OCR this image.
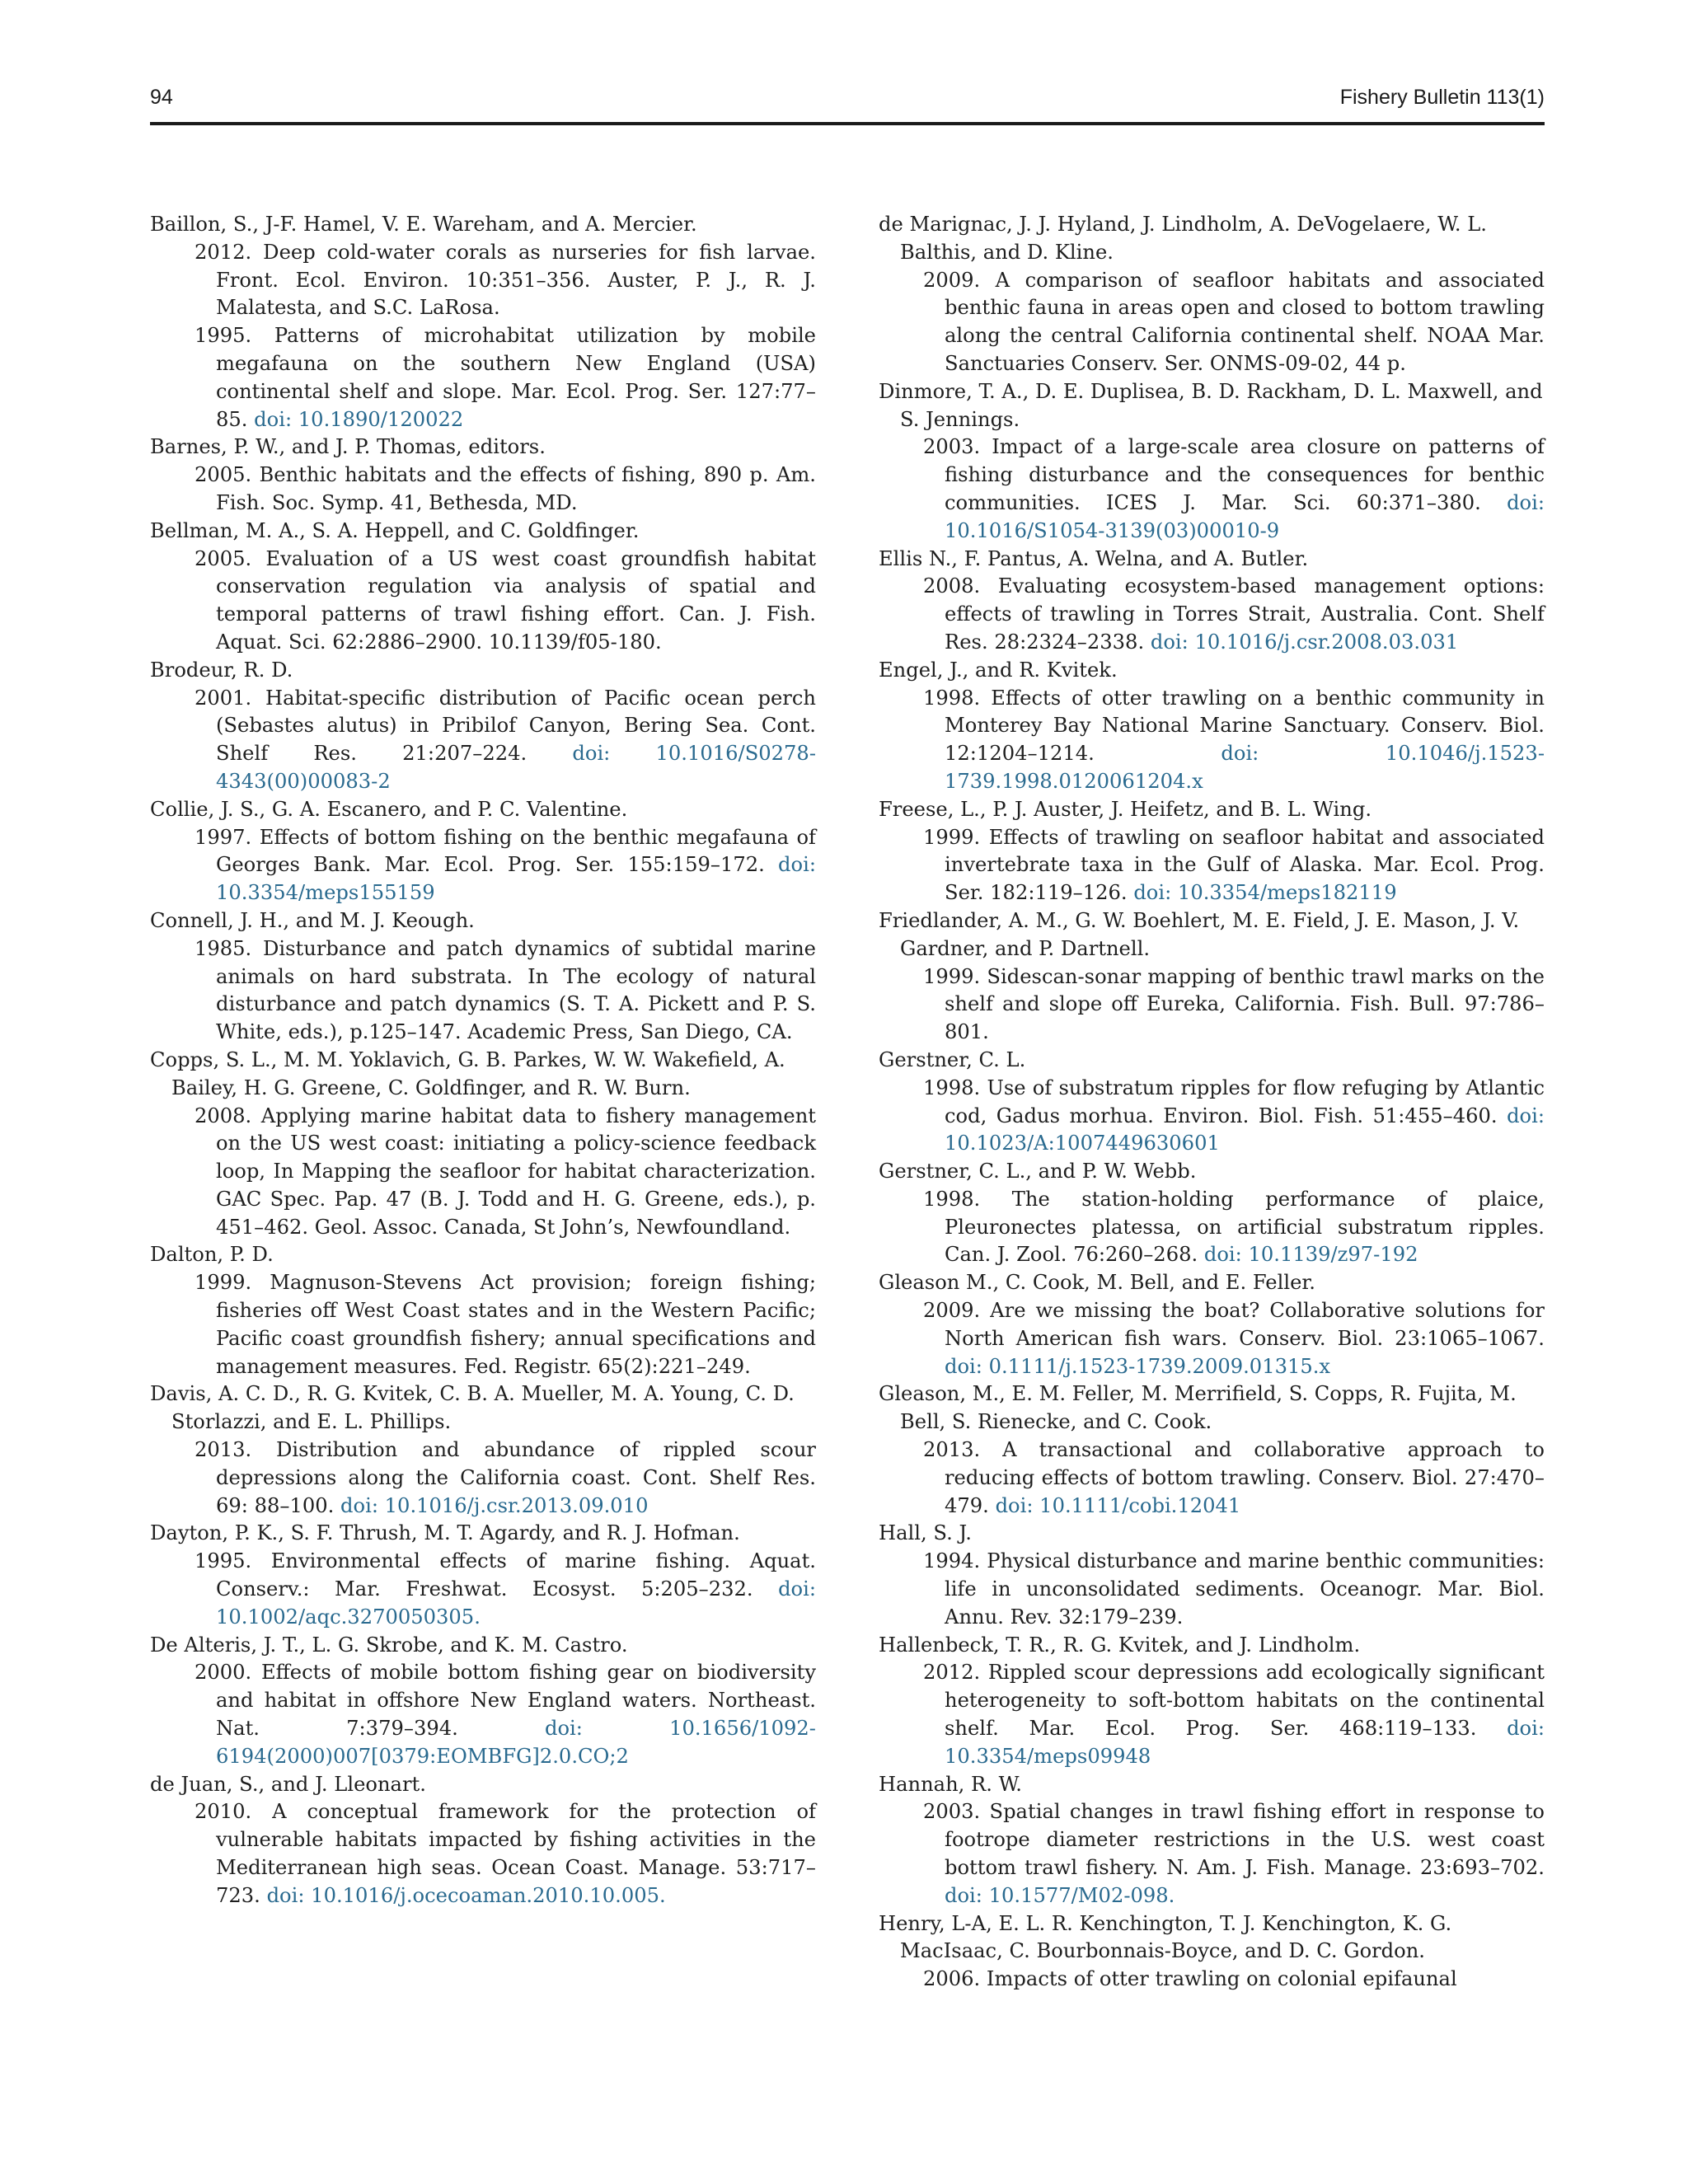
94	Fishery Bulletin 113(1)

Baillon, S., J-F. Hamel, V. E. Wareham, and A. Mercier.

2012. Deep cold-water corals as nurseries for fish larvae. Front. Ecol. Environ. 10:351–356. Auster, P. J., R. J. Malatesta, and S.C. LaRosa.

1995. Patterns of microhabitat utilization by mobile megafauna on the southern New England (USA) continental shelf and slope. Mar. Ecol. Prog. Ser. 127:77–85. doi: 10.1890/120022

Barnes, P. W., and J. P. Thomas, editors.

2005. Benthic habitats and the effects of fishing, 890 p. Am. Fish. Soc. Symp. 41, Bethesda, MD.

Bellman, M. A., S. A. Heppell, and C. Goldfinger.

2005. Evaluation of a US west coast groundfish habitat conservation regulation via analysis of spatial and temporal patterns of trawl fishing effort. Can. J. Fish. Aquat. Sci. 62:2886–2900. 10.1139/f05-180.

Brodeur, R. D.

2001. Habitat-specific distribution of Pacific ocean perch (Sebastes alutus) in Pribilof Canyon, Bering Sea. Cont. Shelf Res. 21:207–224. doi: 10.1016/S0278-4343(00)00083-2

Collie, J. S., G. A. Escanero, and P. C. Valentine.

1997. Effects of bottom fishing on the benthic megafauna of Georges Bank. Mar. Ecol. Prog. Ser. 155:159–172. doi: 10.3354/meps155159

Connell, J. H., and M. J. Keough.

1985. Disturbance and patch dynamics of subtidal marine animals on hard substrata. In The ecology of natural disturbance and patch dynamics (S. T. A. Pickett and P. S. White, eds.), p.125–147. Academic Press, San Diego, CA.

Copps, S. L., M. M. Yoklavich, G. B. Parkes, W. W. Wakefield, A. Bailey, H. G. Greene, C. Goldfinger, and R. W. Burn.

2008. Applying marine habitat data to fishery management on the US west coast: initiating a policy-science feedback loop, In Mapping the seafloor for habitat characterization. GAC Spec. Pap. 47 (B. J. Todd and H. G. Greene, eds.), p. 451–462. Geol. Assoc. Canada, St John’s, Newfoundland.

Dalton, P. D.

1999. Magnuson-Stevens Act provision; foreign fishing; fisheries off West Coast states and in the Western Pacific; Pacific coast groundfish fishery; annual specifications and management measures. Fed. Registr. 65(2):221–249.

Davis, A. C. D., R. G. Kvitek, C. B. A. Mueller, M. A. Young, C. D. Storlazzi, and E. L. Phillips.

2013. Distribution and abundance of rippled scour depressions along the California coast. Cont. Shelf Res. 69: 88–100. doi: 10.1016/j.csr.2013.09.010

Dayton, P. K., S. F. Thrush, M. T. Agardy, and R. J. Hofman.

1995. Environmental effects of marine fishing. Aquat. Conserv.: Mar. Freshwat. Ecosyst. 5:205–232. doi: 10.1002/aqc.3270050305.

De Alteris, J. T., L. G. Skrobe, and K. M. Castro.

2000. Effects of mobile bottom fishing gear on biodiversity and habitat in offshore New England waters. Northeast. Nat. 7:379–394.	doi: 10.1656/1092-6194(2000)007[0379:EOMBFG]2.0.CO;2

de Juan, S., and J. Lleonart.

2010. A conceptual framework for the protection of vulnerable habitats impacted by fishing activities in the Mediterranean high seas. Ocean Coast. Manage. 53:717–723. doi: 10.1016/j.ocecoaman.2010.10.005.

de Marignac, J. J. Hyland, J. Lindholm, A. DeVogelaere, W. L. Balthis, and D. Kline.

2009. A comparison of seafloor habitats and associated benthic fauna in areas open and closed to bottom trawling along the central California continental shelf. NOAA Mar. Sanctuaries Conserv. Ser. ONMS-09-02, 44 p.

Dinmore, T. A., D. E. Duplisea, B. D. Rackham, D. L. Maxwell, and S. Jennings.

2003. Impact of a large-scale area closure on patterns of fishing disturbance and the consequences for benthic communities. ICES J. Mar. Sci. 60:371–380. doi: 10.1016/S1054-3139(03)00010-9

Ellis N., F. Pantus, A. Welna, and A. Butler.

2008. Evaluating ecosystem-based management options: effects of trawling in Torres Strait, Australia. Cont. Shelf Res. 28:2324–2338. doi: 10.1016/j.csr.2008.03.031

Engel, J., and R. Kvitek.

1998. Effects of otter trawling on a benthic community in Monterey Bay National Marine Sanctuary. Conserv. Biol. 12:1204–1214.	doi: 10.1046/j.1523-1739.1998.0120061204.x

Freese, L., P. J. Auster, J. Heifetz, and B. L. Wing.

1999. Effects of trawling on seafloor habitat and associated invertebrate taxa in the Gulf of Alaska. Mar. Ecol. Prog. Ser. 182:119–126. doi: 10.3354/meps182119

Friedlander, A. M., G. W. Boehlert, M. E. Field, J. E. Mason, J. V. Gardner, and P. Dartnell.

1999. Sidescan-sonar mapping of benthic trawl marks on the shelf and slope off Eureka, California. Fish. Bull. 97:786–801.

Gerstner, C. L.

1998. Use of substratum ripples for flow refuging by Atlantic cod, Gadus morhua. Environ. Biol. Fish. 51:455–460. doi: 10.1023/A:1007449630601

Gerstner, C. L., and P. W. Webb.

1998. The station-holding performance of plaice, Pleuronectes platessa, on artificial substratum ripples. Can. J. Zool. 76:260–268. doi: 10.1139/z97-192

Gleason M., C. Cook, M. Bell, and E. Feller.

2009. Are we missing the boat? Collaborative solutions for North American fish wars. Conserv. Biol. 23:1065–1067. doi: 0.1111/j.1523-1739.2009.01315.x

Gleason, M., E. M. Feller, M. Merrifield, S. Copps, R. Fujita, M. Bell, S. Rienecke, and C. Cook.

2013. A transactional and collaborative approach to reducing effects of bottom trawling. Conserv. Biol. 27:470–479. doi: 10.1111/cobi.12041

Hall, S. J.

1994. Physical disturbance and marine benthic communities: life in unconsolidated sediments. Oceanogr. Mar. Biol. Annu. Rev. 32:179–239.

Hallenbeck, T. R., R. G. Kvitek, and J. Lindholm.

2012. Rippled scour depressions add ecologically significant heterogeneity to soft-bottom habitats on the continental shelf. Mar. Ecol. Prog. Ser. 468:119–133. doi: 10.3354/meps09948

Hannah, R. W.

2003. Spatial changes in trawl fishing effort in response to footrope diameter restrictions in the U.S. west coast bottom trawl fishery. N. Am. J. Fish. Manage. 23:693–702. doi: 10.1577/M02-098.

Henry, L-A, E. L. R. Kenchington, T. J. Kenchington, K. G. MacIsaac, C. Bourbonnais-Boyce, and D. C. Gordon.

2006. Impacts of otter trawling on colonial epifaunal
